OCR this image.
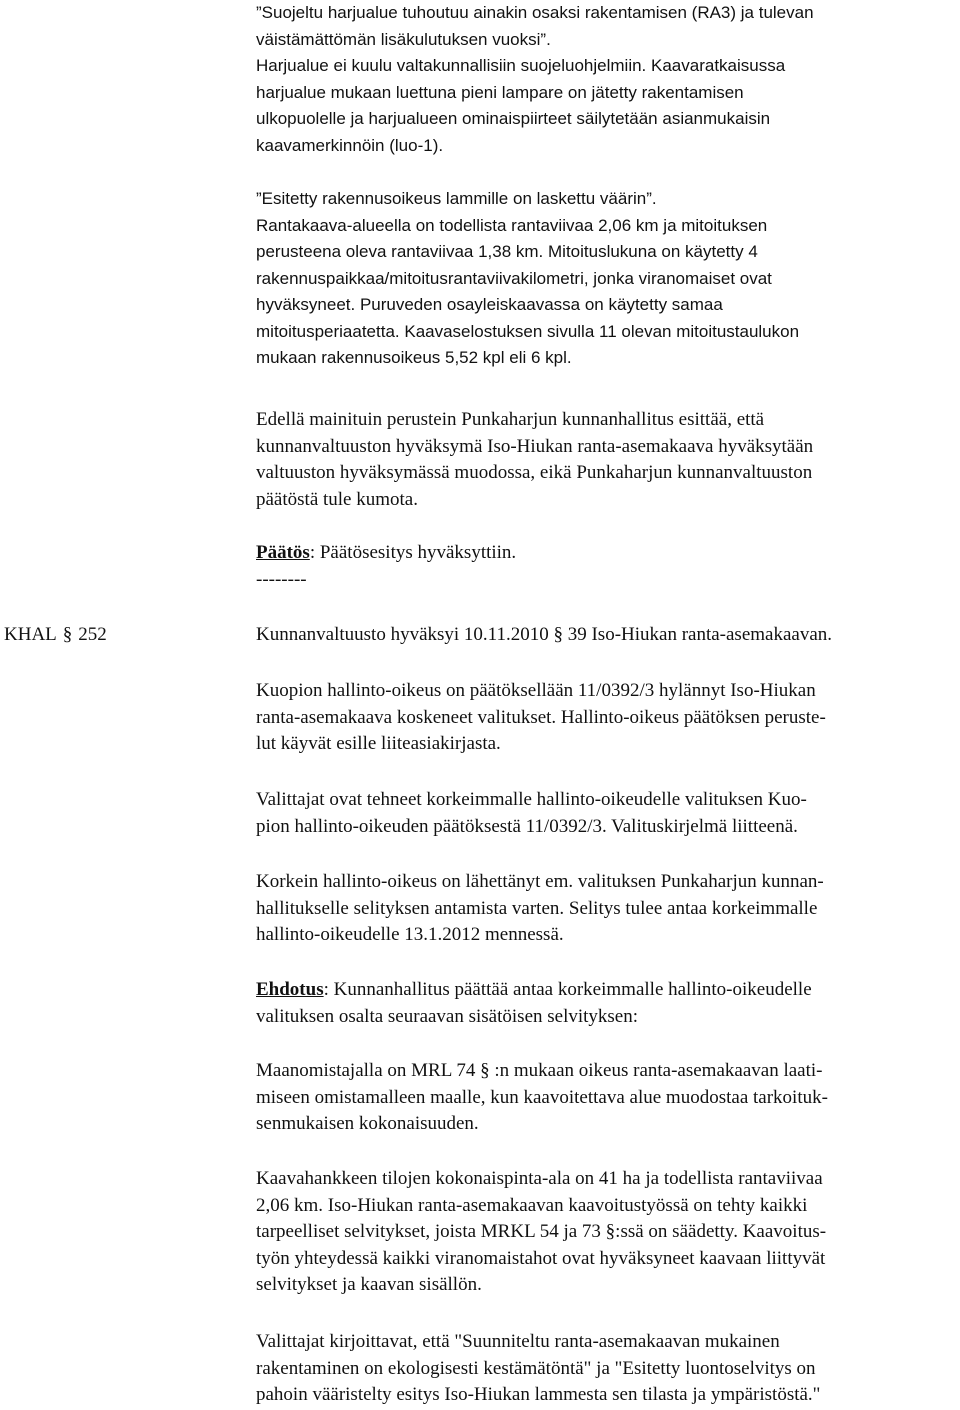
”Suojeltu harjualue tuhoutuu ainakin osaksi rakentamisen (RA3) ja tulevan

väistämättömän lisäkulutuksen vuoksi”.

Harjualue ei kuulu valtakunnallisiin suojeluohjelmiin. Kaavaratkaisussa

harjualue mukaan luettuna pieni lampare on jätetty rakentamisen

ulkopuolelle ja harjualueen ominaispiirteet säilytetään asianmukaisin

kaavamerkinnöin (luo-1).

”Esitetty rakennusoikeus lammille on laskettu väärin”.

Rantakaava-alueella on todellista rantaviivaa 2,06 km ja mitoituksen

perusteena oleva rantaviivaa 1,38 km. Mitoituslukuna on käytetty 4

rakennuspaikkaa/mitoitusrantaviivakilometri, jonka viranomaiset ovat

hyväksyneet. Puruveden osayleiskaavassa on käytetty samaa

mitoitusperiaatetta. Kaavaselostuksen sivulla 11 olevan mitoitustaulukon

mukaan rakennusoikeus 5,52 kpl eli 6 kpl.

Edellä mainituin perustein Punkaharjun kunnanhallitus esittää, että

kunnanvaltuuston hyväksymä Iso-Hiukan ranta-asemakaava hyväksytään

valtuuston hyväksymässä muodossa, eikä Punkaharjun kunnanvaltuuston

päätöstä tule kumota.

Päätös: Päätösesitys hyväksyttiin.

--------

KHAL § 252	Kunnanvaltuusto hyväksyi 10.11.2010 § 39 Iso-Hiukan ranta-asemakaavan.

Kuopion hallinto-oikeus on päätöksellään 11/0392/3 hylännyt Iso-Hiukan

ranta-asemakaava koskeneet valitukset. Hallinto-oikeus päätöksen peruste-

lut käyvät esille liiteasiakirjasta.

Valittajat ovat tehneet korkeimmalle hallinto-oikeudelle valituksen Kuo-

pion hallinto-oikeuden päätöksestä 11/0392/3. Valituskirjelmä liitteenä.

Korkein hallinto-oikeus on lähettänyt em. valituksen Punkaharjun kunnan-

hallitukselle selityksen antamista varten. Selitys tulee antaa korkeimmalle

hallinto-oikeudelle 13.1.2012 mennessä.

Ehdotus: Kunnanhallitus päättää antaa korkeimmalle hallinto-oikeudelle

valituksen osalta seuraavan sisätöisen selvityksen:

Maanomistajalla on MRL 74 § :n mukaan oikeus ranta-asemakaavan laati-

miseen omistamalleen maalle, kun kaavoitettava alue muodostaa tarkoituk-

senmukaisen kokonaisuuden.

Kaavahankkeen tilojen kokonaispinta-ala on 41 ha ja todellista rantaviivaa

2,06 km. Iso-Hiukan ranta-asemakaavan kaavoitustyössä on tehty kaikki

tarpeelliset selvitykset, joista MRKL 54 ja 73 §:ssä on säädetty. Kaavoitus-

työn yhteydessä kaikki viranomaistahot ovat hyväksyneet kaavaan liittyvät

selvitykset ja kaavan sisällön.

Valittajat kirjoittavat, että "Suunniteltu ranta-asemakaavan mukainen

rakentaminen on ekologisesti kestämätöntä" ja "Esitetty luontoselvitys on

pahoin vääristelty esitys Iso-Hiukan lammesta sen tilasta ja ympäristöstä."
